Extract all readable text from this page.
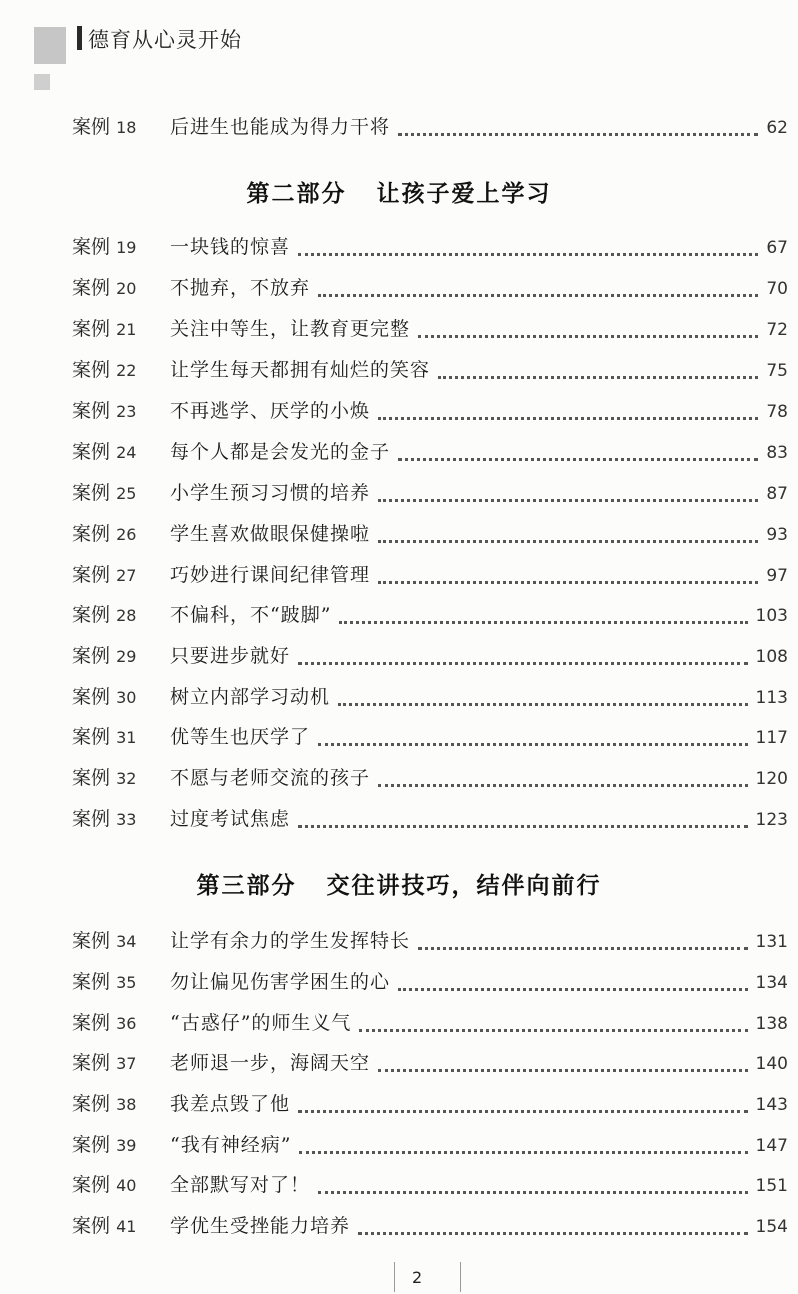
德育从心灵开始
第二部分 让孩子爱上学习
第三部分 交往讲技巧，结伴向前行
案例 18	后进生也能成为得力干将	62
案例 19	一块钱的惊喜	67
案例 20	不抛弃，不放弃	70
案例 21	关注中等生，让教育更完整	72
案例 22	让学生每天都拥有灿烂的笑容	75
案例 23	不再逃学、厌学的小焕	78
案例 24	每个人都是会发光的金子	83
案例 25	小学生预习习惯的培养	87
案例 26	学生喜欢做眼保健操啦	93
案例 27	巧妙进行课间纪律管理	97
案例 28	不偏科，不“跛脚”	103
案例 29	只要进步就好	108
案例 30	树立内部学习动机	113
案例 31	优等生也厌学了	117
案例 32	不愿与老师交流的孩子	120
案例 33	过度考试焦虑	123
案例 34	让学有余力的学生发挥特长	131
案例 35	勿让偏见伤害学困生的心	134
案例 36	“古惑仔”的师生义气	138
案例 37	老师退一步，海阔天空	140
案例 38	我差点毁了他	143
案例 39	“我有神经病”	147
案例 40	全部默写对了！	151
案例 41	学优生受挫能力培养	154
2
